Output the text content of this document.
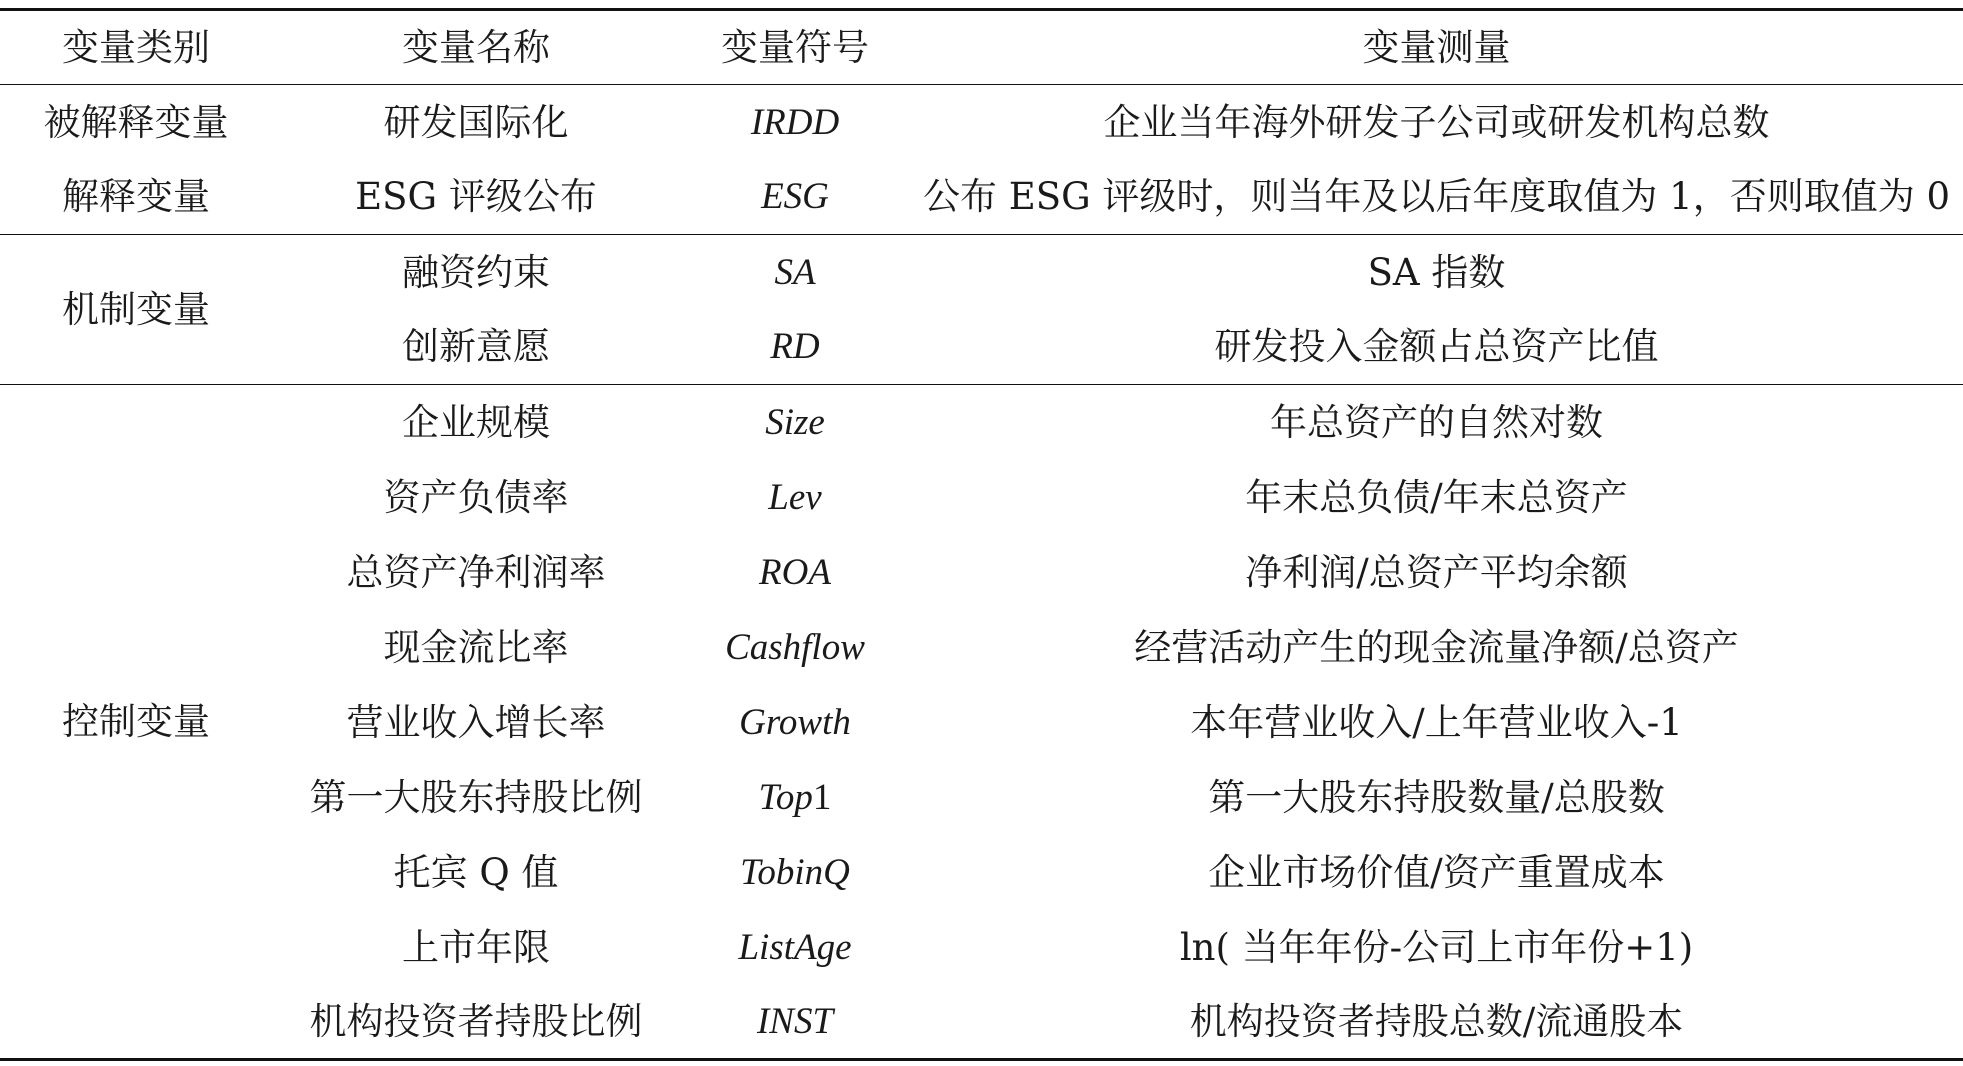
变量类别	变量名称	变量符号	变量测量
被解释变量	研发国际化	IRDD	企业当年海外研发子公司或研发机构总数
解释变量	ESG 评级公布	ESG	公布 ESG 评级时，则当年及以后年度取值为 1，否则取值为 0
机制变量	融资约束	SA	SA 指数
	创新意愿	RD	研发投入金额占总资产比值
控制变量	企业规模	Size	年总资产的自然对数
	资产负债率	Lev	年末总负债/年末总资产
	总资产净利润率	ROA	净利润/总资产平均余额
	现金流比率	Cashflow	经营活动产生的现金流量净额/总资产
	营业收入增长率	Growth	本年营业收入/上年营业收入-1
	第一大股东持股比例	Top1	第一大股东持股数量/总股数
	托宾 Q 值	TobinQ	企业市场价值/资产重置成本
	上市年限	ListAge	ln( 当年年份-公司上市年份+1)
	机构投资者持股比例	INST	机构投资者持股总数/流通股本
